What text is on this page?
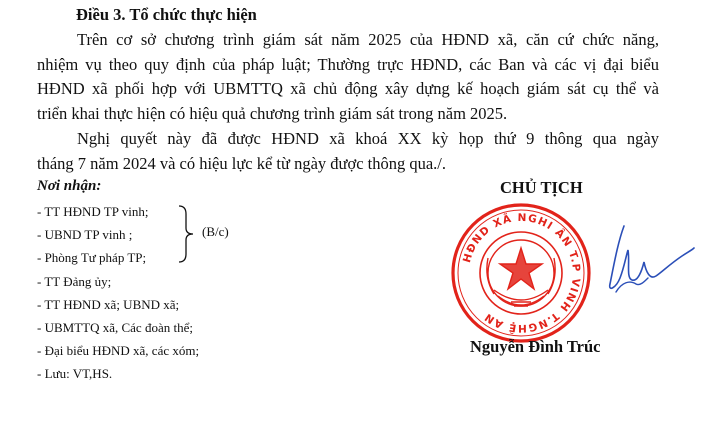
Điều 3. Tổ chức thực hiện
Trên cơ sở chương trình giám sát năm 2025 của HĐND xã, căn cứ chức năng,
nhiệm vụ theo quy định của pháp luật; Thường trực HĐND, các Ban và các vị đại biểu
HĐND xã phối hợp với UBMTTQ xã chủ động xây dựng kế hoạch giám sát cụ thể và
triển khai thực hiện có hiệu quả chương trình giám sát trong năm 2025.
Nghị quyết này đã được HĐND xã khoá XX kỳ họp thứ 9 thông qua ngày
tháng 7 năm 2024 và có hiệu lực kể từ ngày được thông qua./.
Nơi nhận:
- TT HĐND TP vinh;
- UBND TP vinh ;
- Phòng Tư pháp TP;
- TT Đảng ủy;
- TT HĐND xã; UBND xã;
- UBMTTQ xã, Các đoàn thể;
- Đại biểu HĐND xã, các xóm;
- Lưu: VT,HS.
(B/c)
CHỦ TỊCH
HĐND XÃ NGHI ÂN T.P VINH T.NGHỆ AN
Nguyễn Đình Trúc
